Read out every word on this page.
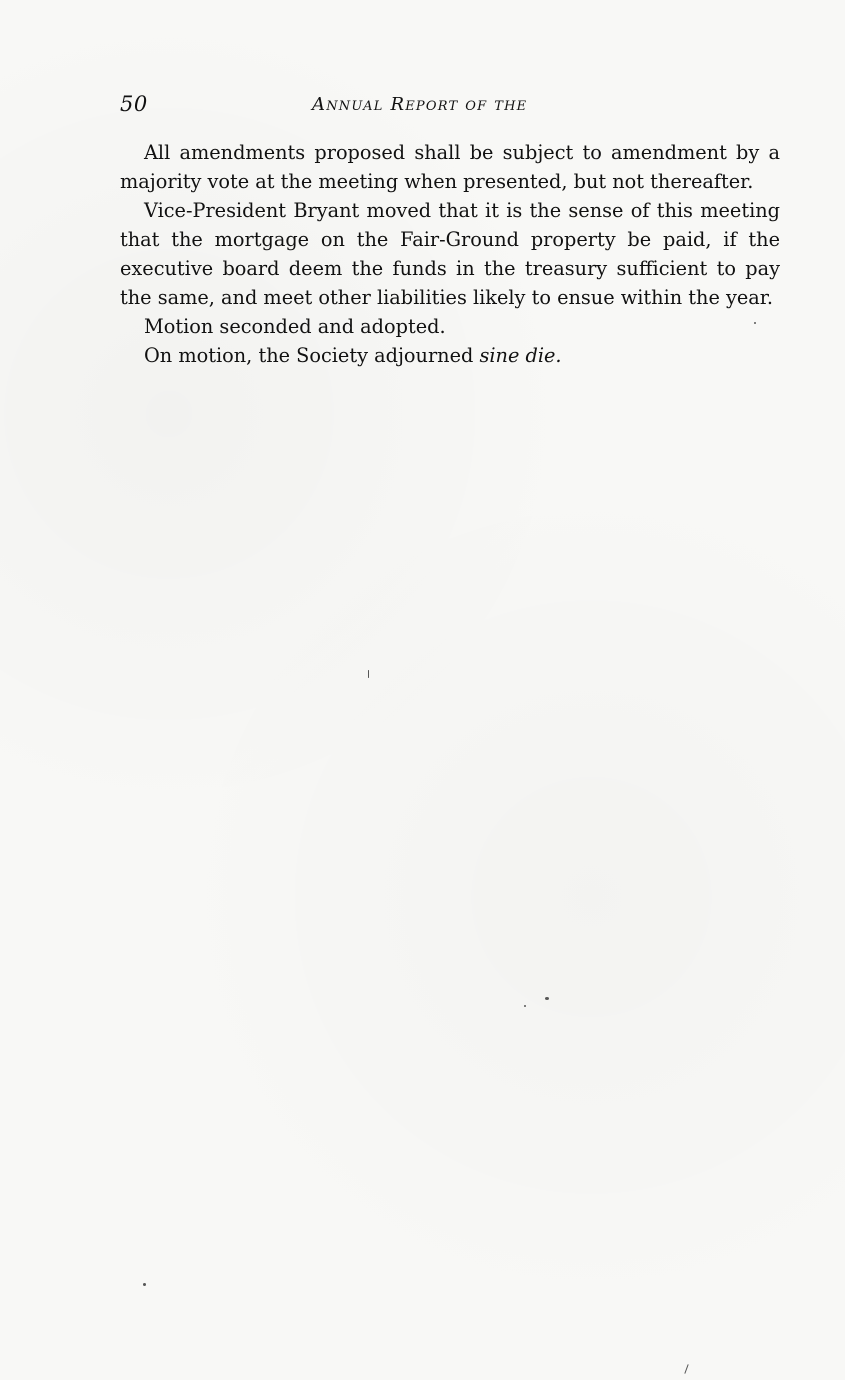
50	Annual Report of the

All amendments proposed shall be subject to amendment by a majority vote at the meeting when presented, but not thereafter.

Vice-President Bryant moved that it is the sense of this meeting that the mortgage on the Fair-Ground property be paid, if the executive board deem the funds in the treasury sufficient to pay the same, and meet other liabilities likely to ensue within the year.

Motion seconded and adopted.

On motion, the Society adjourned sine die.
